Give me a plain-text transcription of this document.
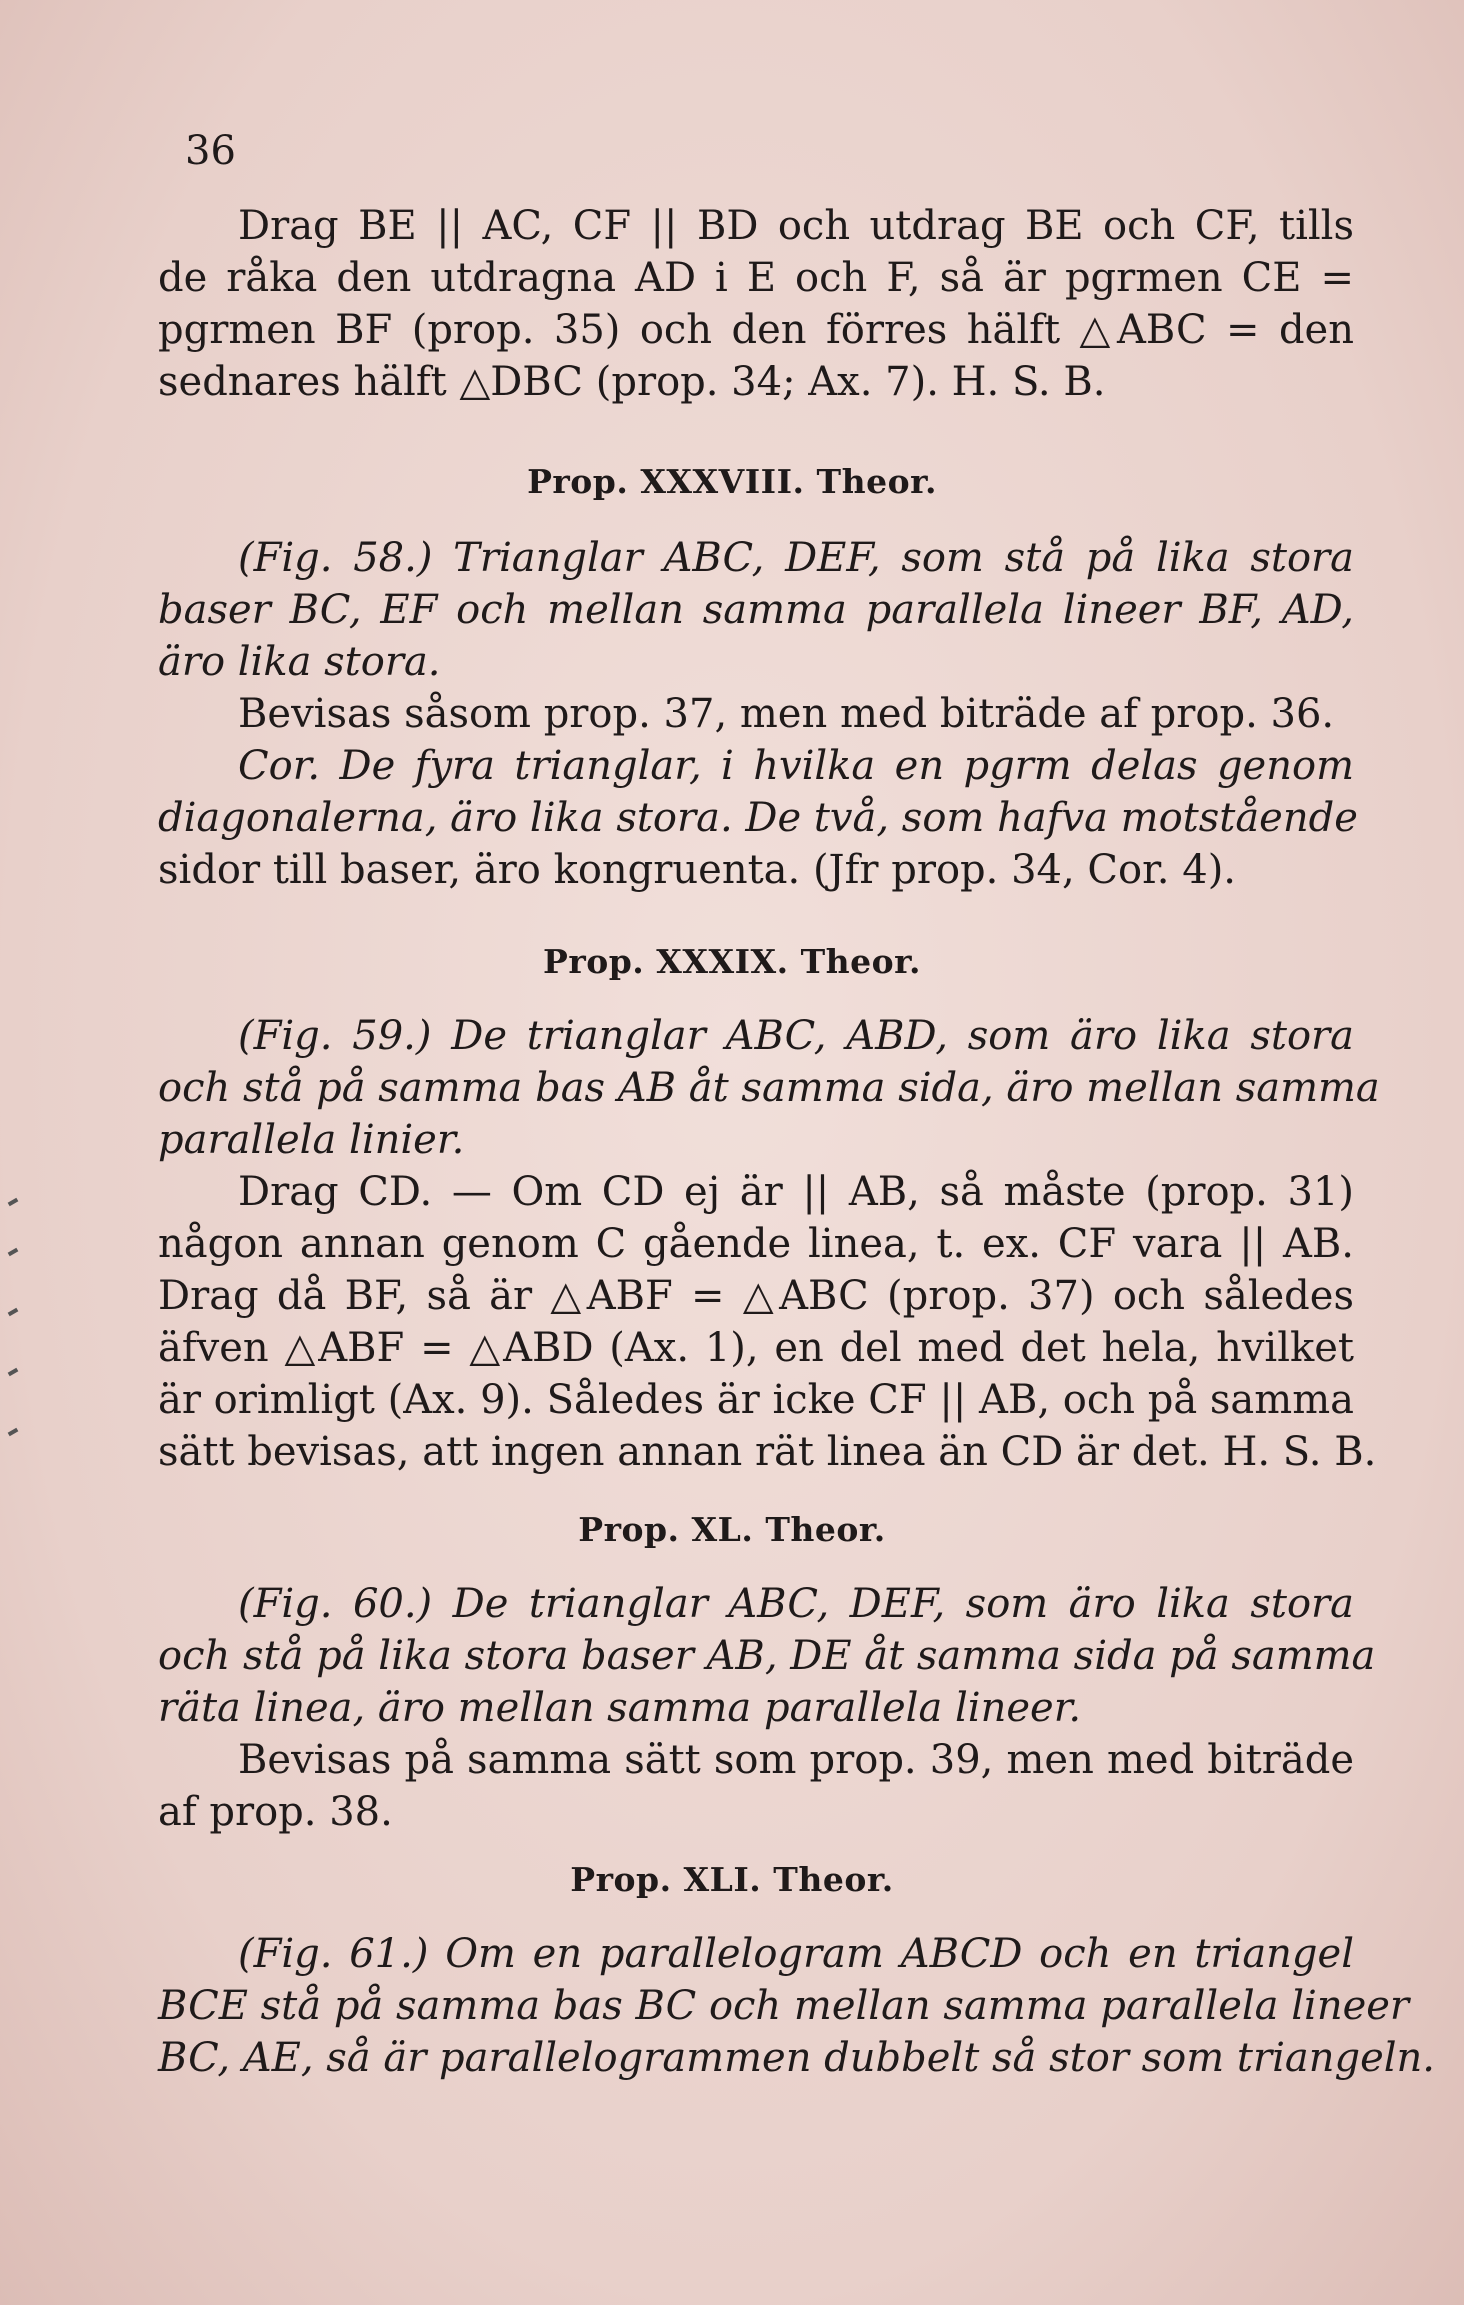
36
Drag BE || AC, CF || BD och utdrag BE och CF, tills
de råka den utdragna AD i E och F, så är pgrmen CE =
pgrmen BF (prop. 35) och den förres hälft △ABC = den
sednares hälft △DBC (prop. 34; Ax. 7). H. S. B.
Prop. XXXVIII. Theor.
(Fig. 58.) Trianglar ABC, DEF, som stå på lika stora
baser BC, EF och mellan samma parallela lineer BF, AD,
äro lika stora.
Bevisas såsom prop. 37, men med biträde af prop. 36.
Cor. De fyra trianglar, i hvilka en pgrm delas genom
diagonalerna, äro lika stora. De två, som hafva motstående
sidor till baser, äro kongruenta. (Jfr prop. 34, Cor. 4).
Prop. XXXIX. Theor.
(Fig. 59.) De trianglar ABC, ABD, som äro lika stora
och stå på samma bas AB åt samma sida, äro mellan samma
parallela linier.
Drag CD. — Om CD ej är || AB, så måste (prop. 31)
någon annan genom C gående linea, t. ex. CF vara || AB.
Drag då BF, så är △ABF = △ABC (prop. 37) och således
äfven △ABF = △ABD (Ax. 1), en del med det hela, hvilket
är orimligt (Ax. 9). Således är icke CF || AB, och på samma
sätt bevisas, att ingen annan rät linea än CD är det. H. S. B.
Prop. XL. Theor.
(Fig. 60.) De trianglar ABC, DEF, som äro lika stora
och stå på lika stora baser AB, DE åt samma sida på samma
räta linea, äro mellan samma parallela lineer.
Bevisas på samma sätt som prop. 39, men med biträde
af prop. 38.
Prop. XLI. Theor.
(Fig. 61.) Om en parallelogram ABCD och en triangel
BCE stå på samma bas BC och mellan samma parallela lineer
BC, AE, så är parallelogrammen dubbelt så stor som triangeln.
